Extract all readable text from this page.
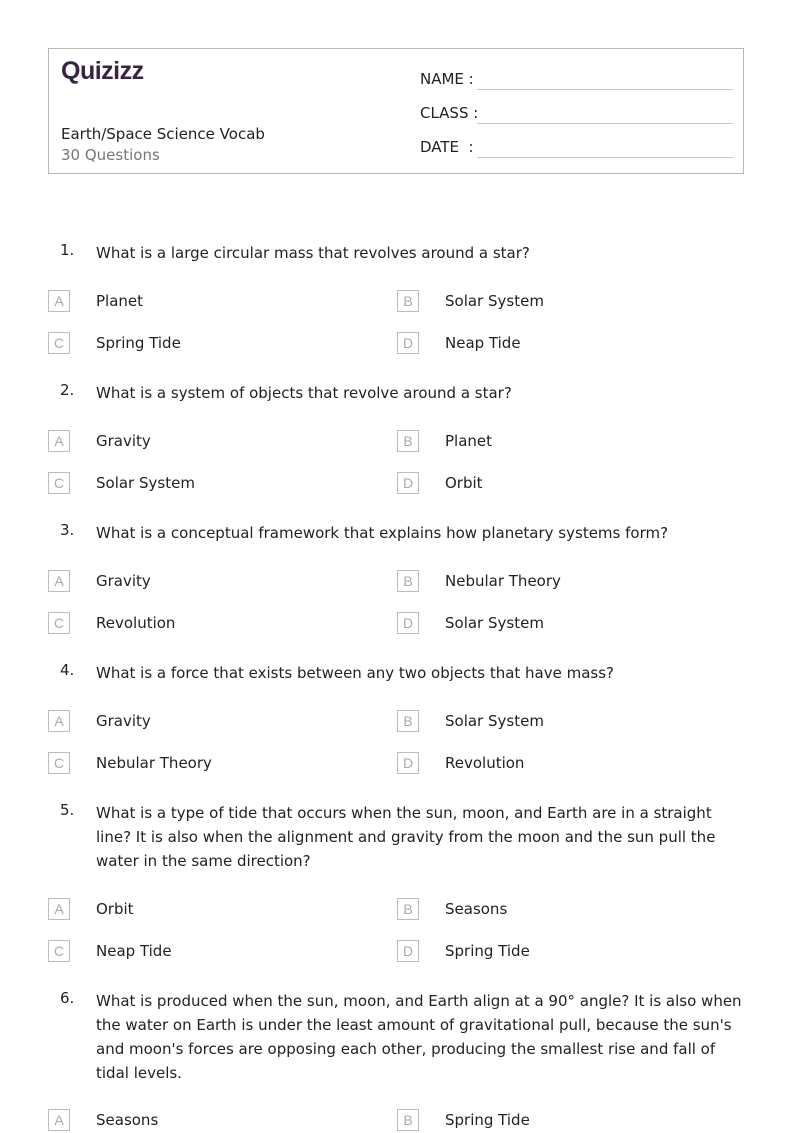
Quizizz
Earth/Space Science Vocab
30 Questions
NAME :
CLASS :
DATE  :
1. What is a large circular mass that revolves around a star?
A	Planet	B	Solar System
C	Spring Tide	D	Neap Tide
2. What is a system of objects that revolve around a star?
A	Gravity	B	Planet
C	Solar System	D	Orbit
3. What is a conceptual framework that explains how planetary systems form?
A	Gravity	B	Nebular Theory
C	Revolution	D	Solar System
4. What is a force that exists between any two objects that have mass?
A	Gravity	B	Solar System
C	Nebular Theory	D	Revolution
5. What is a type of tide that occurs when the sun, moon, and Earth are in a straight line? It is also when the alignment and gravity from the moon and the sun pull the water in the same direction?
A	Orbit	B	Seasons
C	Neap Tide	D	Spring Tide
6. What is produced when the sun, moon, and Earth align at a 90° angle? It is also when the water on Earth is under the least amount of gravitational pull, because the sun's and moon's forces are opposing each other, producing the smallest rise and fall of tidal levels.
A	Seasons	B	Spring Tide
